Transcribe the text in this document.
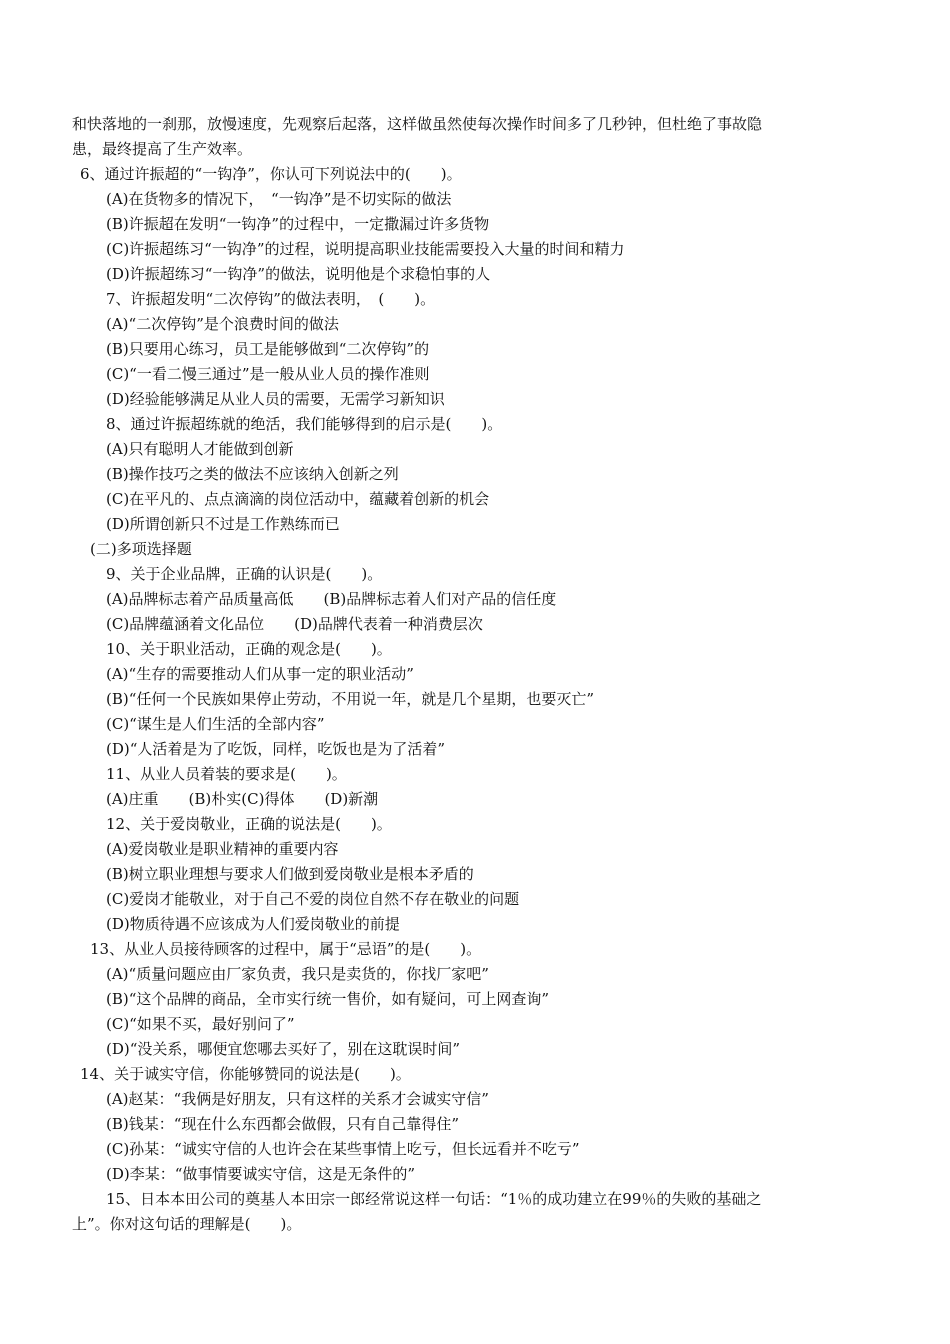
和快落地的一刹那，放慢速度，先观察后起落，这样做虽然使每次操作时间多了几秒钟，但杜绝了事故隐
患，最终提高了生产效率。
6、通过许振超的“一钩净”，你认可下列说法中的(　　)。
(A)在货物多的情况下，　“一钩净”是不切实际的做法
(B)许振超在发明“一钩净”的过程中，一定撒漏过许多货物
(C)许振超练习“一钩净”的过程，说明提高职业技能需要投入大量的时间和精力
(D)许振超练习“一钩净”的做法，说明他是个求稳怕事的人
7、许振超发明“二次停钩”的做法表明，　(　　)。
(A)“二次停钩”是个浪费时间的做法
(B)只要用心练习，员工是能够做到“二次停钩”的
(C)“一看二慢三通过”是一般从业人员的操作准则
(D)经验能够满足从业人员的需要，无需学习新知识
8、通过许振超练就的绝活，我们能够得到的启示是(　　)。
(A)只有聪明人才能做到创新
(B)操作技巧之类的做法不应该纳入创新之列
(C)在平凡的、点点滴滴的岗位活动中，蕴藏着创新的机会
(D)所谓创新只不过是工作熟练而已
(二)多项选择题
9、关于企业品牌，正确的认识是(　　)。
(A)品牌标志着产品质量高低　　(B)品牌标志着人们对产品的信任度
(C)品牌蕴涵着文化品位　　(D)品牌代表着一种消费层次
10、关于职业活动，正确的观念是(　　)。
(A)“生存的需要推动人们从事一定的职业活动”
(B)“任何一个民族如果停止劳动，不用说一年，就是几个星期，也要灭亡”
(C)“谋生是人们生活的全部内容”
(D)“人活着是为了吃饭，同样，吃饭也是为了活着”
11、从业人员着装的要求是(　　)。
(A)庄重　　(B)朴实(C)得体　　(D)新潮
12、关于爱岗敬业，正确的说法是(　　)。
(A)爱岗敬业是职业精神的重要内容
(B)树立职业理想与要求人们做到爱岗敬业是根本矛盾的
(C)爱岗才能敬业，对于自己不爱的岗位自然不存在敬业的问题
(D)物质待遇不应该成为人们爱岗敬业的前提
13、从业人员接待顾客的过程中，属于“忌语”的是(　　)。
(A)“质量问题应由厂家负责，我只是卖货的，你找厂家吧”
(B)“这个品牌的商品，全市实行统一售价，如有疑问，可上网查询”
(C)“如果不买，最好别问了”
(D)“没关系，哪便宜您哪去买好了，别在这耽误时间”
14、关于诚实守信，你能够赞同的说法是(　　)。
(A)赵某：“我俩是好朋友，只有这样的关系才会诚实守信”
(B)钱某：“现在什么东西都会做假，只有自己靠得住”
(C)孙某：“诚实守信的人也许会在某些事情上吃亏，但长远看并不吃亏”
(D)李某：“做事情要诚实守信，这是无条件的”
15、日本本田公司的奠基人本田宗一郎经常说这样一句话：“1％的成功建立在99％的失败的基础之
上”。你对这句话的理解是(　　)。
